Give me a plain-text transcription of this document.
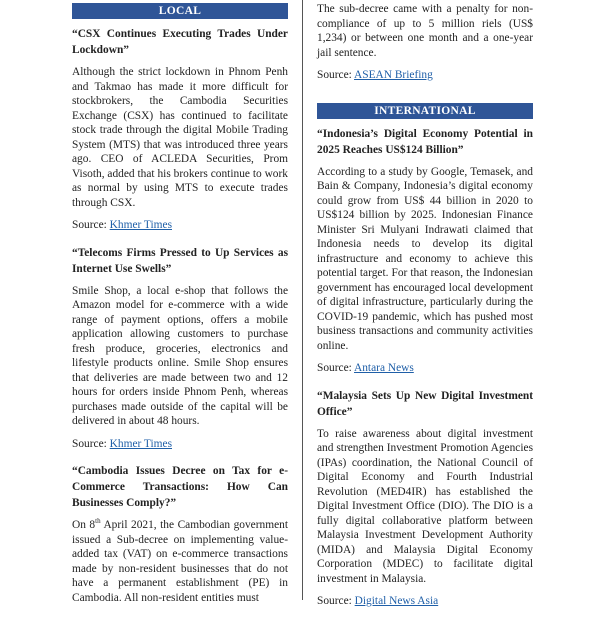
LOCAL
“CSX Continues Executing Trades Under Lockdown”

Although the strict lockdown in Phnom Penh and Takmao has made it more difficult for stockbrokers, the Cambodia Securities Exchange (CSX) has continued to facilitate stock trade through the digital Mobile Trading System (MTS) that was introduced three years ago. CEO of ACLEDA Securities, Prom Visoth, added that his brokers continue to work as normal by using MTS to execute trades through CSX.

Source: Khmer Times
“Telecoms Firms Pressed to Up Services as Internet Use Swells”

Smile Shop, a local e-shop that follows the Amazon model for e-commerce with a wide range of payment options, offers a mobile application allowing customers to purchase fresh produce, groceries, electronics and lifestyle products online. Smile Shop ensures that deliveries are made between two and 12 hours for orders inside Phnom Penh, whereas purchases made outside of the capital will be delivered in about 48 hours.

Source: Khmer Times
“Cambodia Issues Decree on Tax for e-Commerce Transactions: How Can Businesses Comply?”

On 8th April 2021, the Cambodian government issued a Sub-decree on implementing value-added tax (VAT) on e-commerce transactions made by non-resident businesses that do not have a permanent establishment (PE) in Cambodia. All non-resident entities must

The sub-decree came with a penalty for non-compliance of up to 5 million riels (US$ 1,234) or between one month and a one-year jail sentence.

Source: ASEAN Briefing
INTERNATIONAL
“Indonesia’s Digital Economy Potential in 2025 Reaches US$124 Billion”

According to a study by Google, Temasek, and Bain & Company, Indonesia’s digital economy could grow from US$ 44 billion in 2020 to US$124 billion by 2025. Indonesian Finance Minister Sri Mulyani Indrawati claimed that Indonesia needs to develop its digital infrastructure and economy to achieve this potential target. For that reason, the Indonesian government has encouraged local development of digital infrastructure, particularly during the COVID-19 pandemic, which has pushed most business transactions and community activities online.

Source: Antara News
“Malaysia Sets Up New Digital Investment Office”

To raise awareness about digital investment and strengthen Investment Promotion Agencies (IPAs) coordination, the National Council of Digital Economy and Fourth Industrial Revolution (MED4IR) has established the Digital Investment Office (DIO). The DIO is a fully digital collaborative platform between Malaysia Investment Development Authority (MIDA) and Malaysia Digital Economy Corporation (MDEC) to facilitate digital investment in Malaysia.

Source: Digital News Asia
